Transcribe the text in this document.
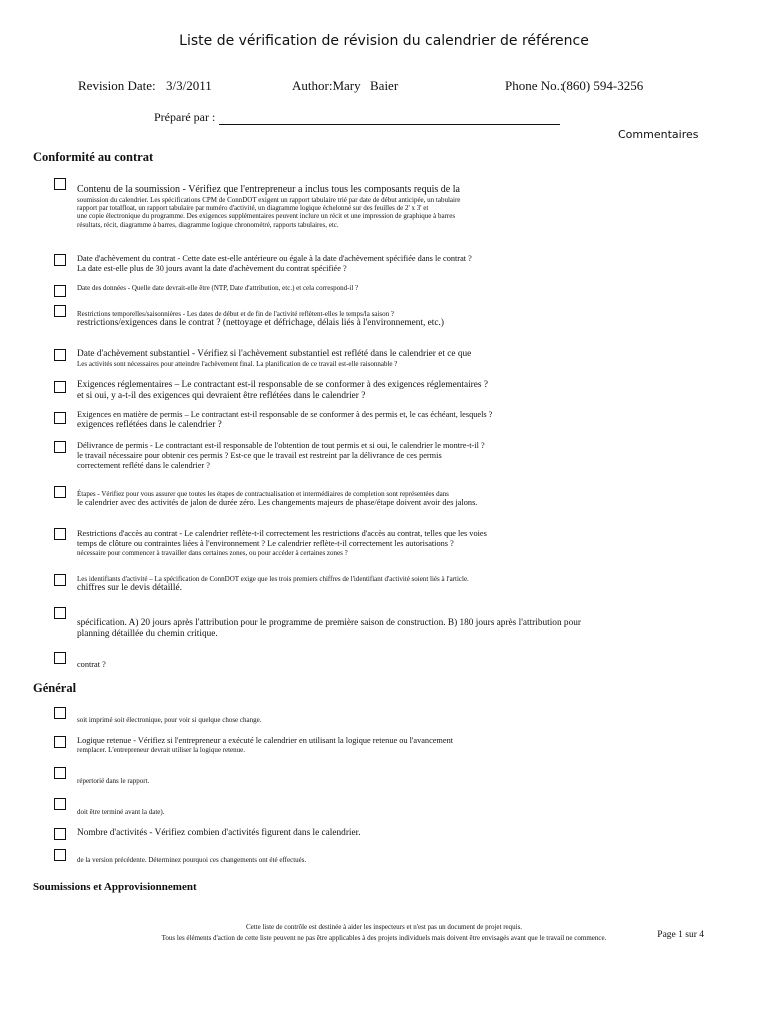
Liste de vérification de révision du calendrier de référence
Revision Date: 3/3/2011	Author:Mary Baier	Phone No.:
(860) 594-3256
Préparé par :
Commentaires
Conformité au contrat
Contenu de la soumission - Vérifiez que l'entrepreneur a inclus tous les composants requis de la
soumission du calendrier. Les spécifications CPM de ConnDOT exigent un rapport tabulaire trié par date de début anticipée, un tabulaire
rapport par totalfloat, un rapport tabulaire par numéro d'activité, un diagramme logique échelonné sur des feuilles de 2' x 3' et
une copie électronique du programme. Des exigences supplémentaires peuvent inclure un récit et une impression de graphique à barres
résultats, récit, diagramme à barres, diagramme logique chronométré, rapports tabulaires, etc.
Date d'achèvement du contrat - Cette date est-elle antérieure ou égale à la date d'achèvement spécifiée dans le contrat ?
La date est-elle plus de 30 jours avant la date d'achèvement du contrat spécifiée ?
Date des données - Quelle date devrait-elle être (NTP, Date d'attribution, etc.) et cela correspond-il ?
Restrictions temporelles/saisonnières - Les dates de début et de fin de l'activité reflètent-elles le temps/la saison ?
restrictions/exigences dans le contrat ? (nettoyage et défrichage, délais liés à l'environnement, etc.)
Date d'achèvement substantiel - Vérifiez si l'achèvement substantiel est reflété dans le calendrier et ce que
Les activités sont nécessaires pour atteindre l'achèvement final. La planification de ce travail est-elle raisonnable ?
Exigences réglementaires – Le contractant est-il responsable de se conformer à des exigences réglementaires ?
et si oui, y a-t-il des exigences qui devraient être reflétées dans le calendrier ?
Exigences en matière de permis – Le contractant est-il responsable de se conformer à des permis et, le cas échéant, lesquels ?
exigences reflétées dans le calendrier ?
Délivrance de permis - Le contractant est-il responsable de l'obtention de tout permis et si oui, le calendrier le montre-t-il ?
le travail nécessaire pour obtenir ces permis ? Est-ce que le travail est restreint par la délivrance de ces permis
correctement reflété dans le calendrier ?
Étapes - Vérifiez pour vous assurer que toutes les étapes de contractualisation et intermédiaires de completion sont représentées dans
le calendrier avec des activités de jalon de durée zéro. Les changements majeurs de phase/étape doivent avoir des jalons.
Restrictions d'accès au contrat - Le calendrier reflète-t-il correctement les restrictions d'accès au contrat, telles que les voies
temps de clôture ou contraintes liées à l'environnement ? Le calendrier reflète-t-il correctement les autorisations ?
nécessaire pour commencer à travailler dans certaines zones, ou pour accéder à certaines zones ?
Les identifiants d'activité – La spécification de ConnDOT exige que les trois premiers chiffres de l'identifiant d'activité soient liés à l'article.
chiffres sur le devis détaillé.
spécification. A) 20 jours après l'attribution pour le programme de première saison de construction. B) 180 jours après l'attribution pour
planning détaillée du chemin critique.
contrat ?
Général
soit imprimé soit électronique, pour voir si quelque chose change.
Logique retenue - Vérifiez si l'entrepreneur a exécuté le calendrier en utilisant la logique retenue ou l'avancement
remplacer. L'entrepreneur devrait utiliser la logique retenue.
répertorié dans le rapport.
doit être terminé avant la date).
Nombre d'activités - Vérifiez combien d'activités figurent dans le calendrier.
de la version précédente. Déterminez pourquoi ces changements ont été effectués.
Soumissions et Approvisionnement
Cette liste de contrôle est destinée à aider les inspecteurs et n'est pas un document de projet requis.
Tous les éléments d'action de cette liste peuvent ne pas être applicables à des projets individuels mais doivent être envisagés avant que le travail ne commence.	Page 1 sur 4
